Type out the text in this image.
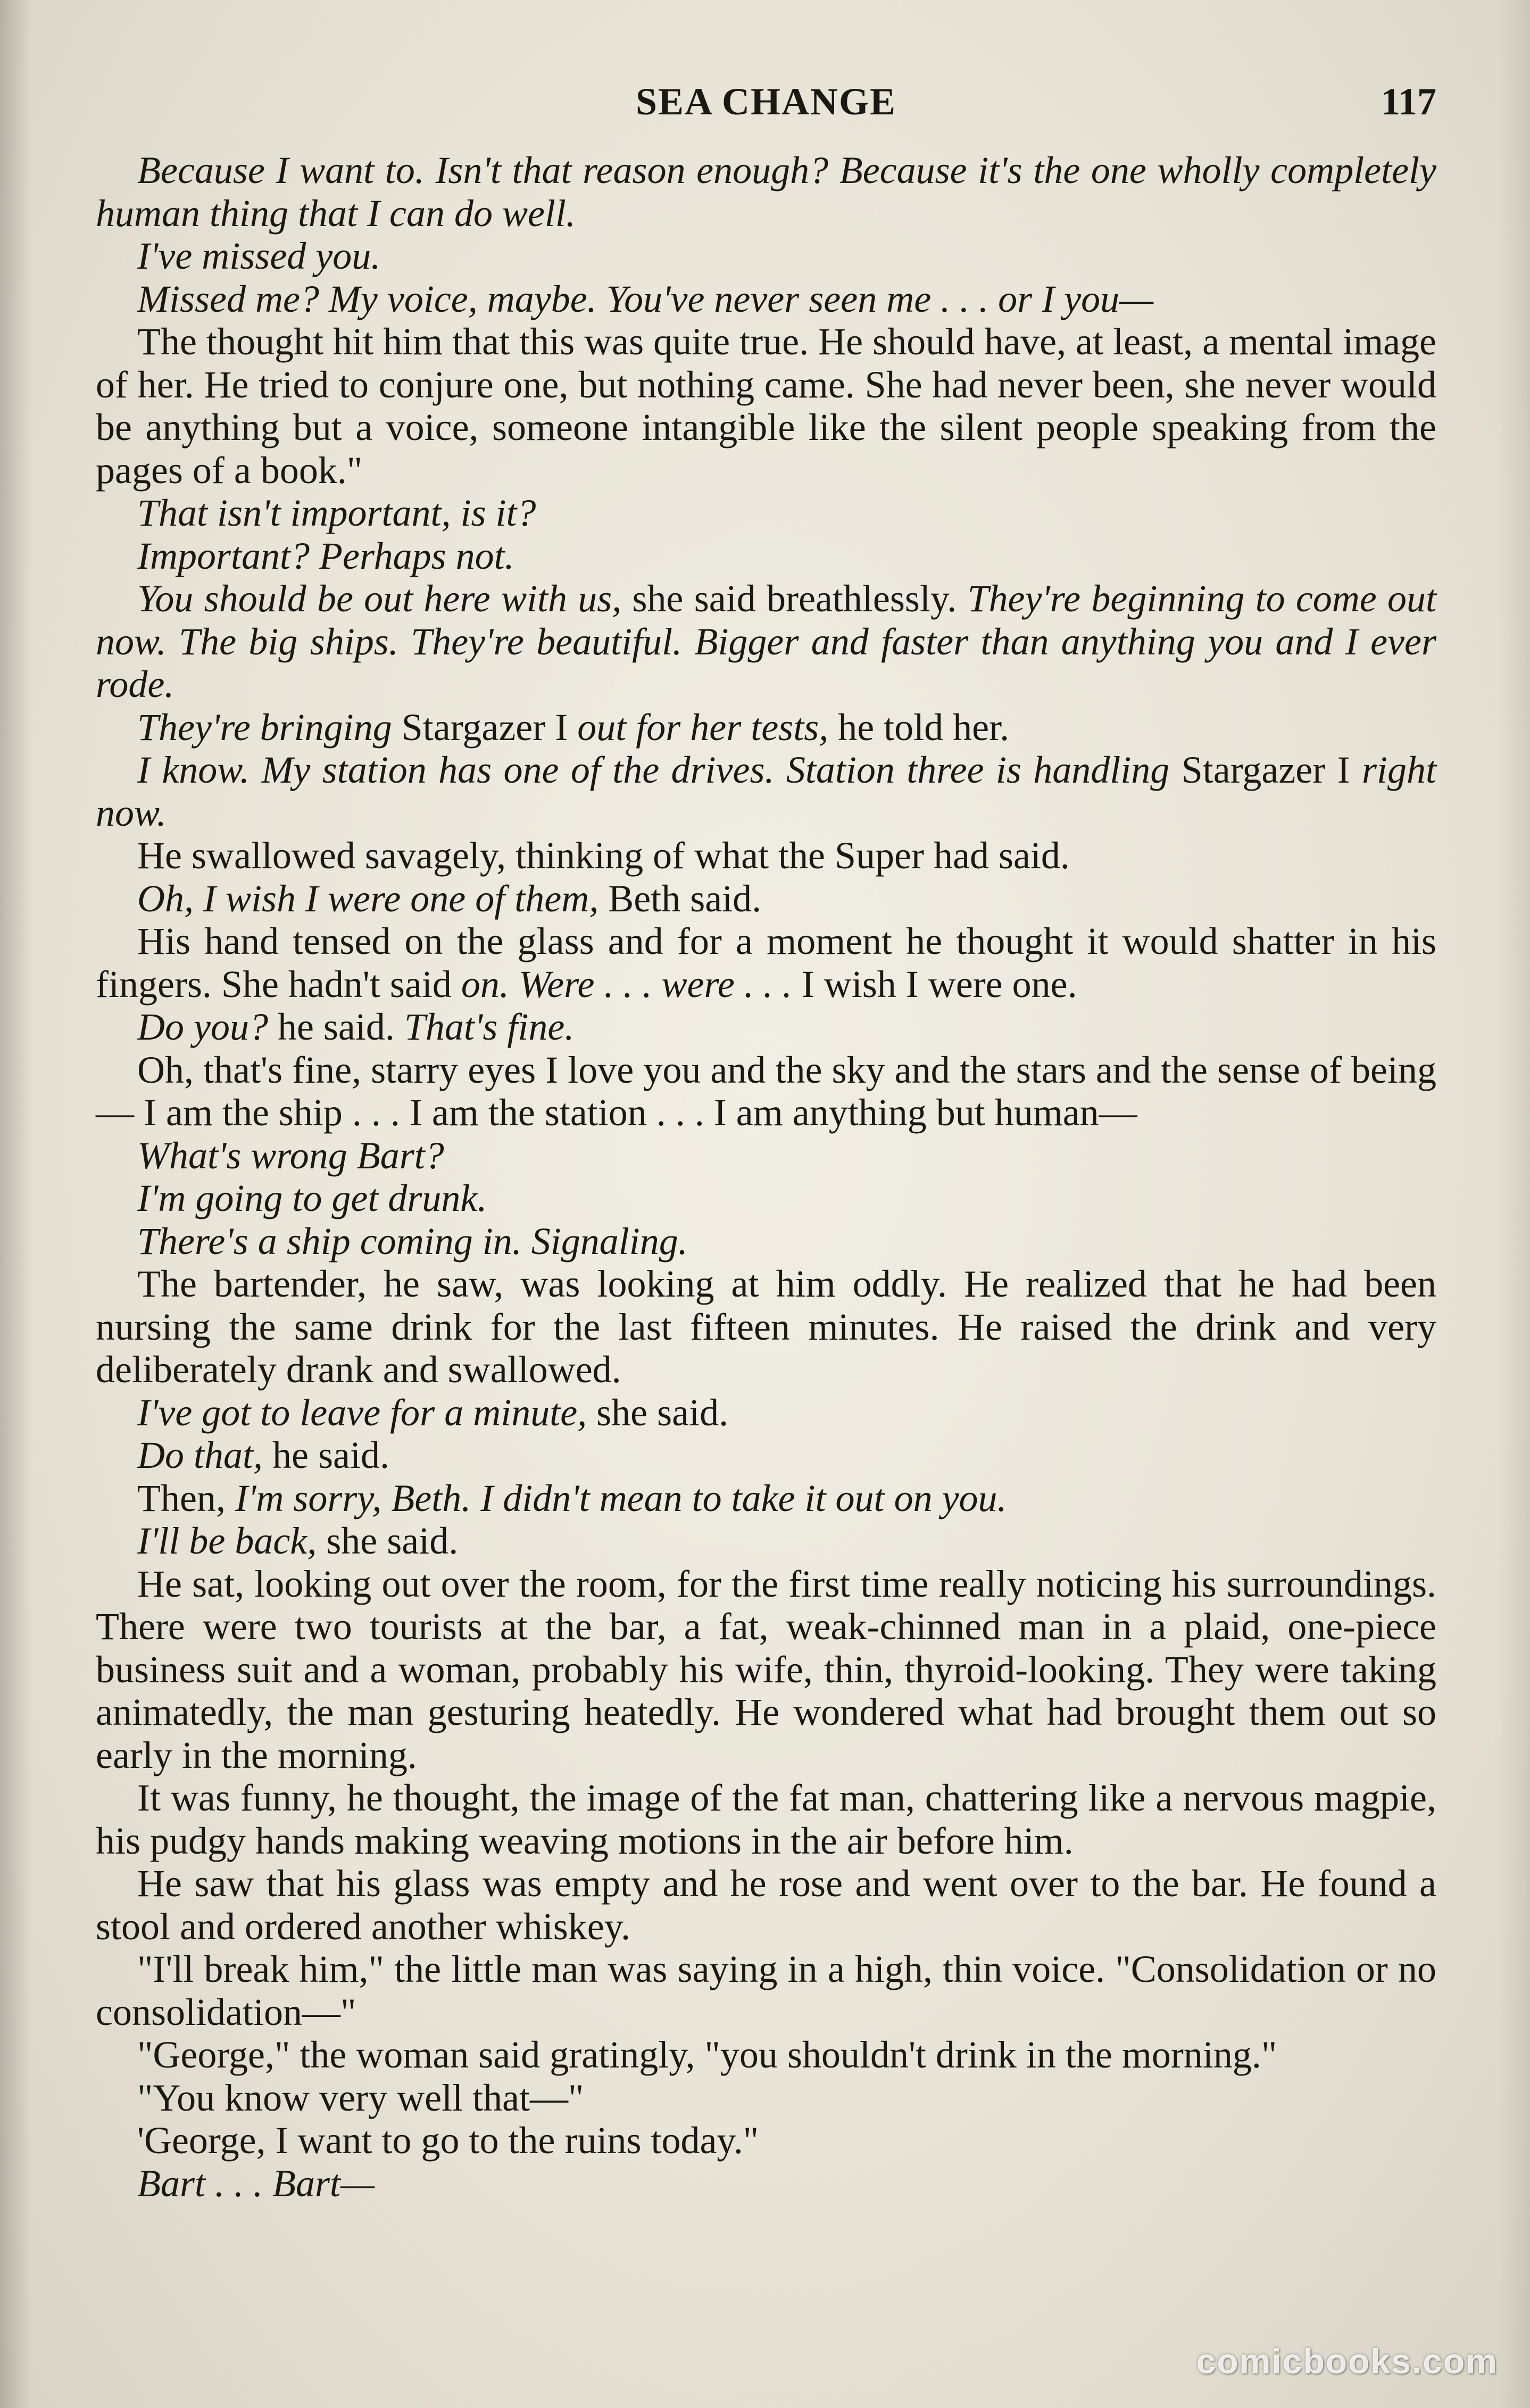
SEA CHANGE	117

Because I want to. Isn't that reason enough? Because it's the one wholly completely human thing that I can do well.

I've missed you.

Missed me? My voice, maybe. You've never seen me . . . or I you—

The thought hit him that this was quite true. He should have, at least, a mental image of her. He tried to conjure one, but nothing came. She had never been, she never would be anything but a voice, someone intangible like the silent people speaking from the pages of a book."

That isn't important, is it?

Important? Perhaps not.

You should be out here with us, she said breathlessly. They're beginning to come out now. The big ships. They're beautiful. Bigger and faster than anything you and I ever rode.

They're bringing Stargazer I out for her tests, he told her.

I know. My station has one of the drives. Station three is handling Stargazer I right now.

He swallowed savagely, thinking of what the Super had said.

Oh, I wish I were one of them, Beth said.

His hand tensed on the glass and for a moment he thought it would shatter in his fingers. She hadn't said on. Were . . . were . . . I wish I were one.

Do you? he said. That's fine.

Oh, that's fine, starry eyes I love you and the sky and the stars and the sense of being— I am the ship . . . I am the station . . . I am anything but human—

What's wrong Bart?

I'm going to get drunk.

There's a ship coming in. Signaling.

The bartender, he saw, was looking at him oddly. He realized that he had been nursing the same drink for the last fifteen minutes. He raised the drink and very deliberately drank and swallowed.

I've got to leave for a minute, she said.

Do that, he said.

Then, I'm sorry, Beth. I didn't mean to take it out on you.

I'll be back, she said.

He sat, looking out over the room, for the first time really noticing his surroundings. There were two tourists at the bar, a fat, weak-chinned man in a plaid, one-piece business suit and a woman, probably his wife, thin, thyroid-looking. They were taking animatedly, the man gesturing heatedly. He wondered what had brought them out so early in the morning.

It was funny, he thought, the image of the fat man, chattering like a nervous magpie, his pudgy hands making weaving motions in the air before him.

He saw that his glass was empty and he rose and went over to the bar. He found a stool and ordered another whiskey.

"I'll break him," the little man was saying in a high, thin voice. "Consolidation or no consolidation—"

"George," the woman said gratingly, "you shouldn't drink in the morning."

"You know very well that—"

'George, I want to go to the ruins today."

Bart . . . Bart—

comicbooks.com
